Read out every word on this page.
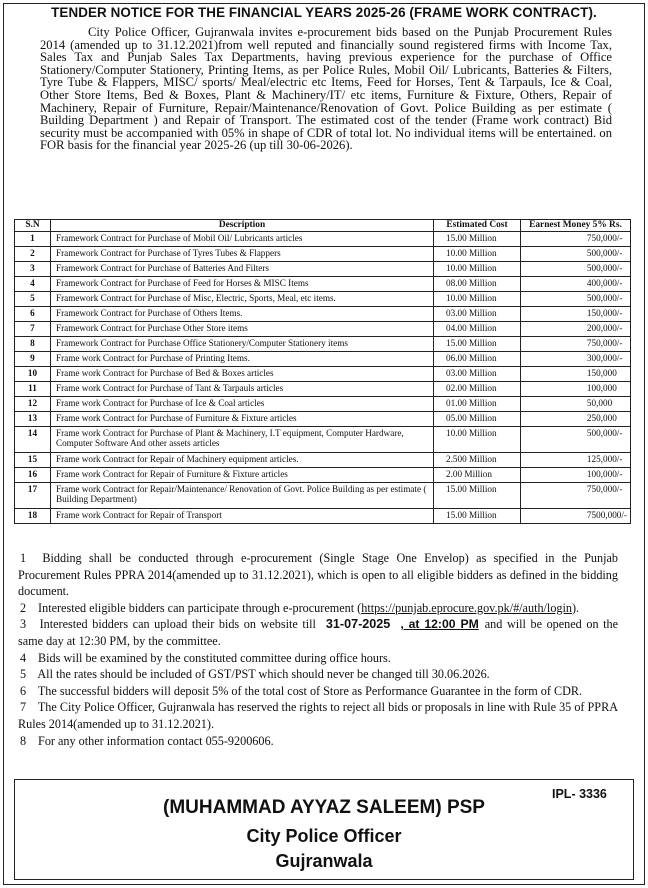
TENDER NOTICE FOR THE FINANCIAL YEARS 2025-26 (FRAME WORK CONTRACT).

City Police Officer, Gujranwala invites e-procurement bids based on the Punjab Procurement Rules 2014 (amended up to 31.12.2021)from well reputed and financially sound registered firms with Income Tax, Sales Tax and Punjab Sales Tax Departments, having previous experience for the purchase of Office Stationery/Computer Stationery, Printing Items, as per Police Rules, Mobil Oil/ Lubricants, Batteries & Filters, Tyre Tube & Flappers, MISC/ sports/ Meal/electric etc Items, Feed for Horses, Tent & Tarpauls, Ice & Coal, Other Store Items, Bed & Boxes, Plant & Machinery/IT/ etc items, Furniture & Fixture, Others, Repair of Machinery, Repair of Furniture, Repair/Maintenance/Renovation of Govt. Police Building as per estimate ( Building Department ) and Repair of Transport. The estimated cost of the tender (Frame work contract) Bid security must be accompanied with 05% in shape of CDR of total lot. No individual items will be entertained. on FOR basis for the financial year 2025-26 (up till 30-06-2026).

S.N	Description	Estimated Cost	Earnest Money 5% Rs.
1	Framework Contract for Purchase of Mobil Oil/ Lubricants articles	15.00 Million	750,000/-
2	Framework Contract for Purchase of Tyres Tubes & Flappers	10.00 Million	500,000/-
3	Framework Contract for Purchase of Batteries And Filters	10.00 Million	500,000/-
4	Framework Contract for Purchase of Feed for Horses & MISC Items	08.00 Million	400,000/-
5	Framework Contract for Purchase of Misc, Electric, Sports, Meal, etc items.	10.00 Million	500,000/-
6	Framework Contract for Purchase of Others Items.	03.00 Million	150,000/-
7	Framework Contract for Purchase Other Store items	04.00 Million	200,000/-
8	Framework Contract for Purchase Office Stationery/Computer Stationery items	15.00 Million	750,000/-
9	Frame work Contract for Purchase of Printing Items.	06.00 Million	300,000/-
10	Frame work Contract for Purchase of Bed & Boxes articles	03.00 Million	150,000
11	Frame work Contract for Purchase of Tant & Tarpauls articles	02.00 Million	100,000
12	Frame work Contract for Purchase of Ice & Coal articles	01.00 Million	50,000
13	Frame work Contract for Purchase of Furniture & Fixture articles	05.00 Million	250,000
14	Frame work Contract for Purchase of Plant & Machinery, I.T equipment, Computer Hardware, Computer Software And other assets articles	10.00 Million	500,000/-
15	Frame work Contract for Repair of Machinery equipment articles.	2.500 Million	125,000/-
16	Frame work Contract for Repair of Furniture & Fixture articles	2.00 Million	100,000/-
17	Frame work Contract for Repair/Maintenance/ Renovation of Govt. Police Building as per estimate ( Building Department)	15.00 Million	750,000/-
18	Frame work Contract for Repair of Transport	15.00 Million	7500,000/-
1 Bidding shall be conducted through e-procurement (Single Stage One Envelop) as specified in the Punjab Procurement Rules PPRA 2014(amended up to 31.12.2021), which is open to all eligible bidders as defined in the bidding document.
2 Interested eligible bidders can participate through e-procurement (https://punjab.eprocure.gov.pk/#/auth/login).
3 Interested bidders can upload their bids on website till 31-07-2025 , at 12:00 PM and will be opened on the same day at 12:30 PM, by the committee.
4 Bids will be examined by the constituted committee during office hours.
5 All the rates should be included of GST/PST which should never be changed till 30.06.2026.
6 The successful bidders will deposit 5% of the total cost of Store as Performance Guarantee in the form of CDR.
7 The City Police Officer, Gujranwala has reserved the rights to reject all bids or proposals in line with Rule 35 of PPRA Rules 2014(amended up to 31.12.2021).
8 For any other information contact 055-9200606.
IPL- 3336
(MUHAMMAD AYYAZ SALEEM) PSP
City Police Officer
Gujranwala
